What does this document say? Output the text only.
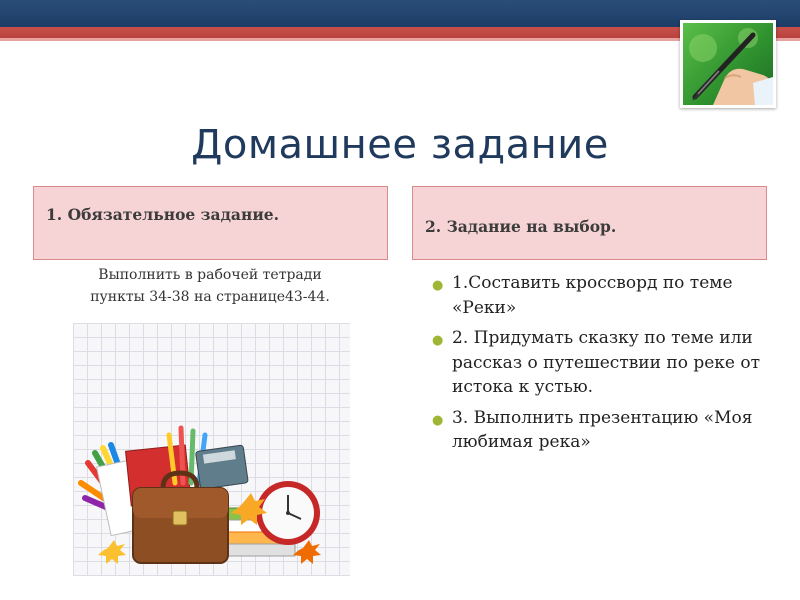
Домашнее задание
1. Обязательное задание.
2. Задание на выбор.
Выполнить в рабочей тетради
пункты 34-38 на странице43-44.
● 1.Составить кроссворд по теме «Реки»
● 2. Придумать сказку по теме или рассказ о путешествии по реке от истока к устью.
● 3. Выполнить презентацию «Моя любимая река»
